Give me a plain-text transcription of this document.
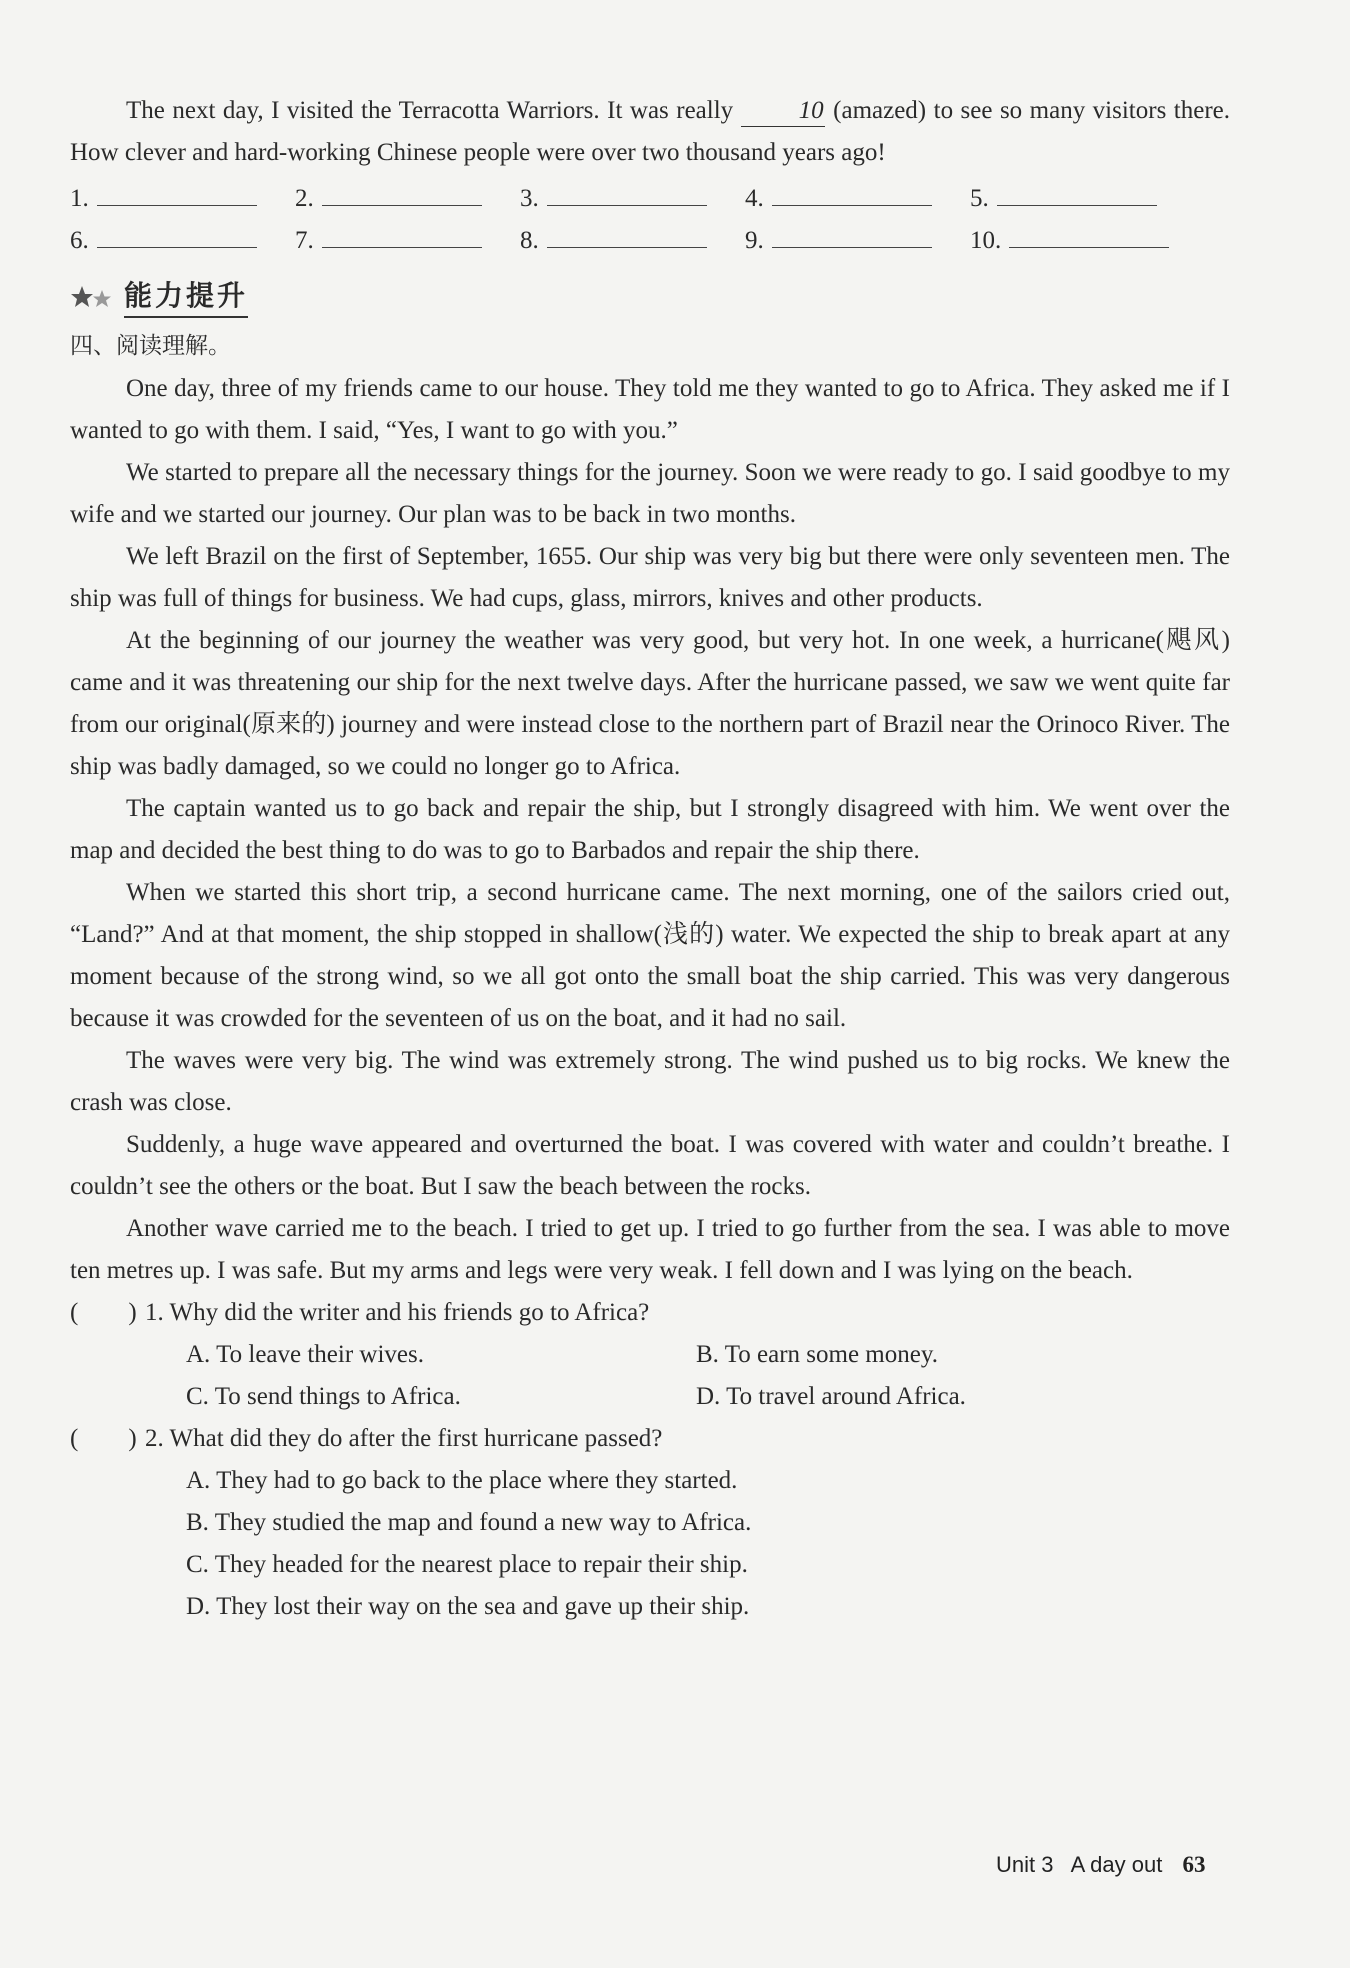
The next day, I visited the Terracotta Warriors. It was really	10 (amazed) to see so many visitors there. How clever and hard-working Chinese people were over two thousand years ago!

1.	2.	3.	4.	5.
6.	7.	8.	9.	10.
能力提升

四、阅读理解。

One day, three of my friends came to our house. They told me they wanted to go to Africa. They asked me if I wanted to go with them. I said, “Yes, I want to go with you.”

We started to prepare all the necessary things for the journey. Soon we were ready to go. I said goodbye to my wife and we started our journey. Our plan was to be back in two months.

We left Brazil on the first of September, 1655. Our ship was very big but there were only seventeen men. The ship was full of things for business. We had cups, glass, mirrors, knives and other products.

At the beginning of our journey the weather was very good, but very hot. In one week, a hurricane(飓风) came and it was threatening our ship for the next twelve days. After the hurricane passed, we saw we went quite far from our original(原来的) journey and were instead close to the northern part of Brazil near the Orinoco River. The ship was badly damaged, so we could no longer go to Africa.

The captain wanted us to go back and repair the ship, but I strongly disagreed with him. We went over the map and decided the best thing to do was to go to Barbados and repair the ship there.

When we started this short trip, a second hurricane came. The next morning, one of the sailors cried out, “Land?” And at that moment, the ship stopped in shallow(浅的) water. We expected the ship to break apart at any moment because of the strong wind, so we all got onto the small boat the ship carried. This was very dangerous because it was crowded for the seventeen of us on the boat, and it had no sail.

The waves were very big. The wind was extremely strong. The wind pushed us to big rocks. We knew the crash was close.

Suddenly, a huge wave appeared and overturned the boat. I was covered with water and couldn’t breathe. I couldn’t see the others or the boat. But I saw the beach between the rocks.

Another wave carried me to the beach. I tried to get up. I tried to go further from the sea. I was able to move ten metres up. I was safe. But my arms and legs were very weak. I fell down and I was lying on the beach.

(        ) 1. Why did the writer and his friends go to Africa?
A. To leave their wives.	B. To earn some money.
C. To send things to Africa.	D. To travel around Africa.
(        ) 2. What did they do after the first hurricane passed?
A. They had to go back to the place where they started.
B. They studied the map and found a new way to Africa.
C. They headed for the nearest place to repair their ship.
D. They lost their way on the sea and gave up their ship.
Unit 3 A day out 63
